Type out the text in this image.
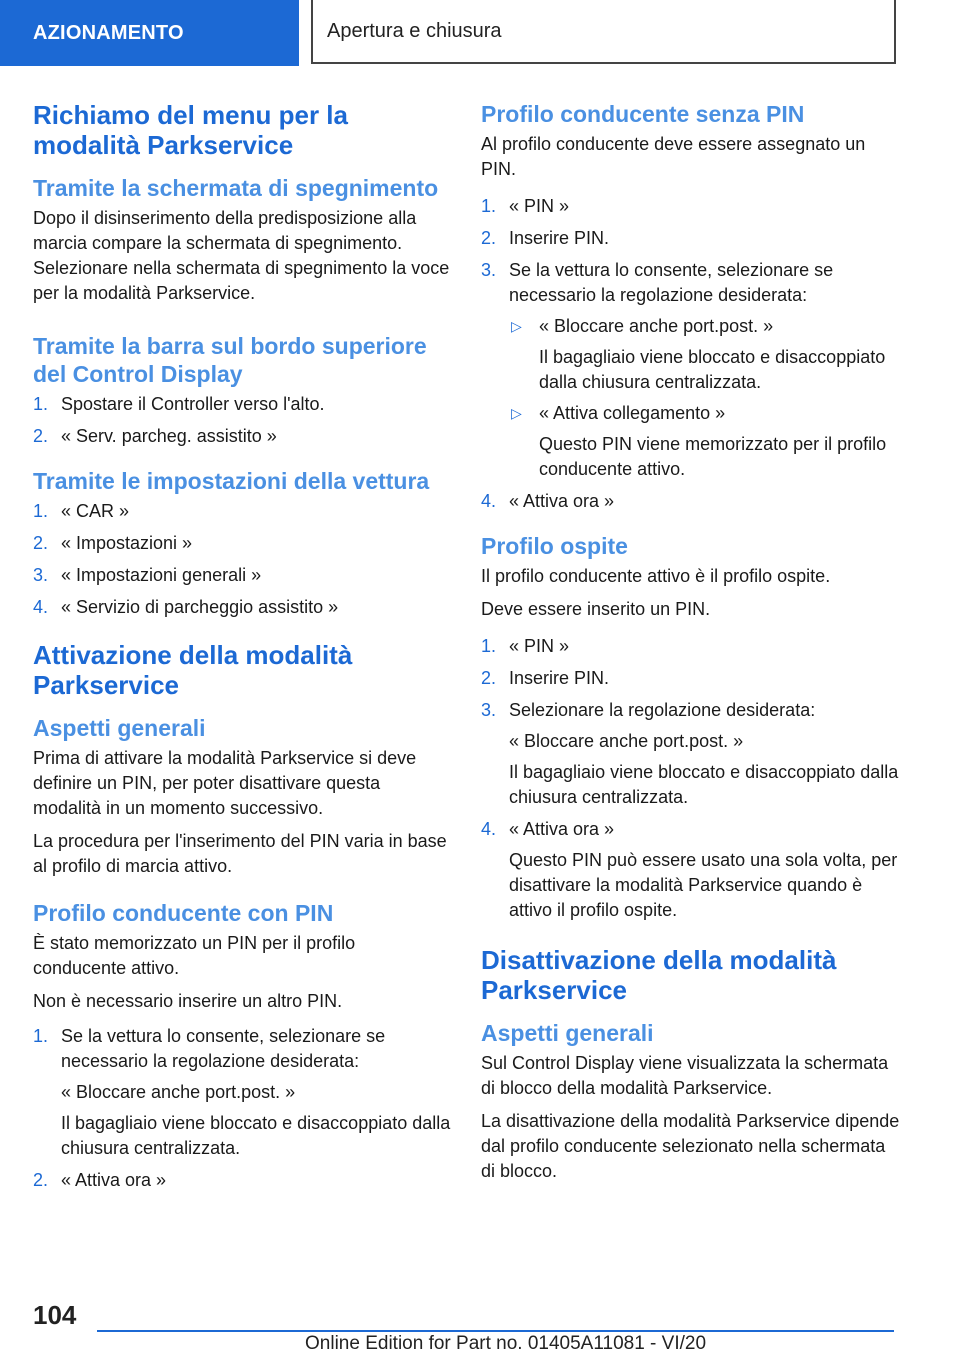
AZIONAMENTO	Apertura e chiusura
Richiamo del menu per la modalità Parkservice
Tramite la schermata di spegnimento

Dopo il disinserimento della predisposizione alla marcia compare la schermata di spegnimento. Selezionare nella schermata di spegnimento la voce per la modalità Parkservice.

Tramite la barra sul bordo superiore del Control Display
1. Spostare il Controller verso l'alto.
2. « Serv. parcheg. assistito »
Tramite le impostazioni della vettura
1. « CAR »
2. « Impostazioni »
3. « Impostazioni generali »
4. « Servizio di parcheggio assistito »
Attivazione della modalità Parkservice
Aspetti generali

Prima di attivare la modalità Parkservice si deve definire un PIN, per poter disattivare questa modalità in un momento successivo.

La procedura per l'inserimento del PIN varia in base al profilo di marcia attivo.

Profilo conducente con PIN

È stato memorizzato un PIN per il profilo conducente attivo.

Non è necessario inserire un altro PIN.

1. Se la vettura lo consente, selezionare se necessario la regolazione desiderata:
« Bloccare anche port.post. »
Il bagagliaio viene bloccato e disaccoppiato dalla chiusura centralizzata.
2. « Attiva ora »
Profilo conducente senza PIN

Al profilo conducente deve essere assegnato un PIN.

1. « PIN »
2. Inserire PIN.
3. Se la vettura lo consente, selezionare se necessario la regolazione desiderata:
▷ « Bloccare anche port.post. »
Il bagagliaio viene bloccato e disaccoppiato dalla chiusura centralizzata.
▷ « Attiva collegamento »
Questo PIN viene memorizzato per il profilo conducente attivo.
4. « Attiva ora »
Profilo ospite

Il profilo conducente attivo è il profilo ospite.

Deve essere inserito un PIN.

1. « PIN »
2. Inserire PIN.
3. Selezionare la regolazione desiderata:
« Bloccare anche port.post. »
Il bagagliaio viene bloccato e disaccoppiato dalla chiusura centralizzata.
4. « Attiva ora »
Questo PIN può essere usato una sola volta, per disattivare la modalità Parkservice quando è attivo il profilo ospite.
Disattivazione della modalità Parkservice
Aspetti generali

Sul Control Display viene visualizzata la schermata di blocco della modalità Parkservice.

La disattivazione della modalità Parkservice dipende dal profilo conducente selezionato nella schermata di blocco.

104
Online Edition for Part no. 01405A11081 - VI/20
